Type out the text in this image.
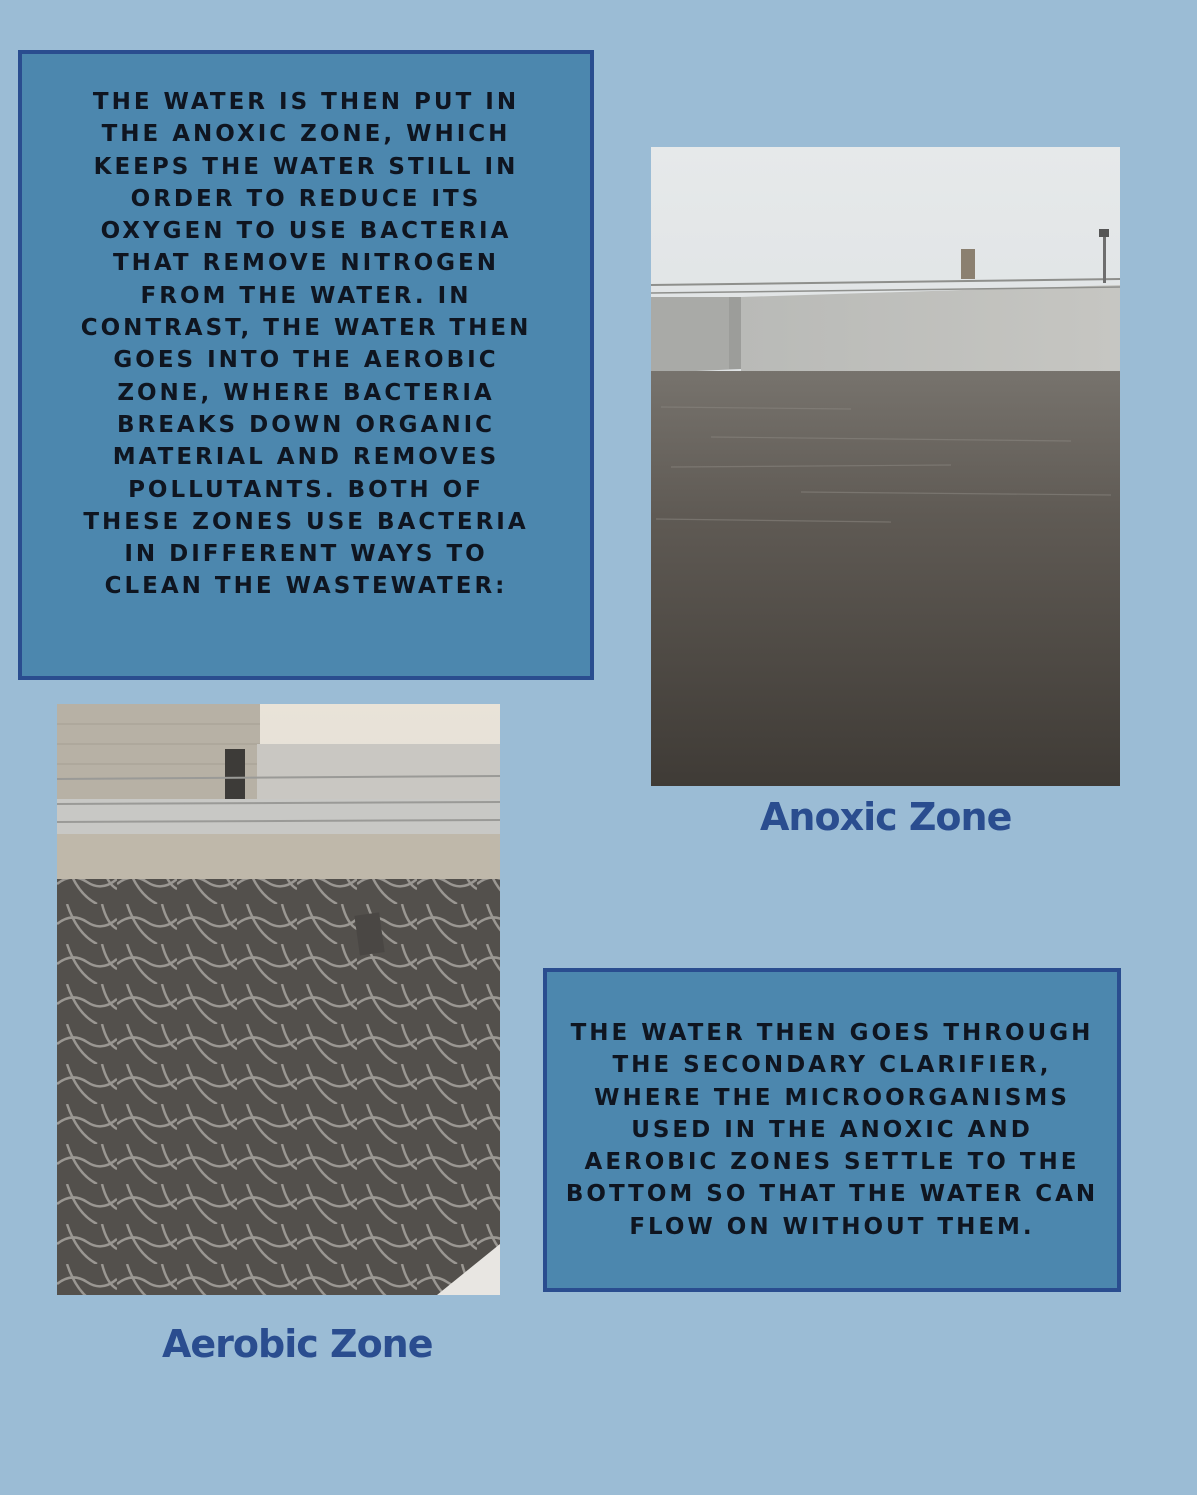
THE WATER IS THEN PUT IN THE ANOXIC ZONE, WHICH KEEPS THE WATER STILL IN ORDER TO REDUCE ITS OXYGEN TO USE BACTERIA THAT REMOVE NITROGEN FROM THE WATER. IN CONTRAST, THE WATER THEN GOES INTO THE AEROBIC ZONE, WHERE BACTERIA BREAKS DOWN ORGANIC MATERIAL AND REMOVES POLLUTANTS. BOTH OF THESE ZONES USE BACTERIA IN DIFFERENT WAYS TO CLEAN THE WASTEWATER:

Anoxic Zone
Aerobic Zone

THE WATER THEN GOES THROUGH THE SECONDARY CLARIFIER, WHERE THE MICROORGANISMS USED IN THE ANOXIC AND AEROBIC ZONES SETTLE TO THE BOTTOM SO THAT THE WATER CAN FLOW ON WITHOUT THEM.
